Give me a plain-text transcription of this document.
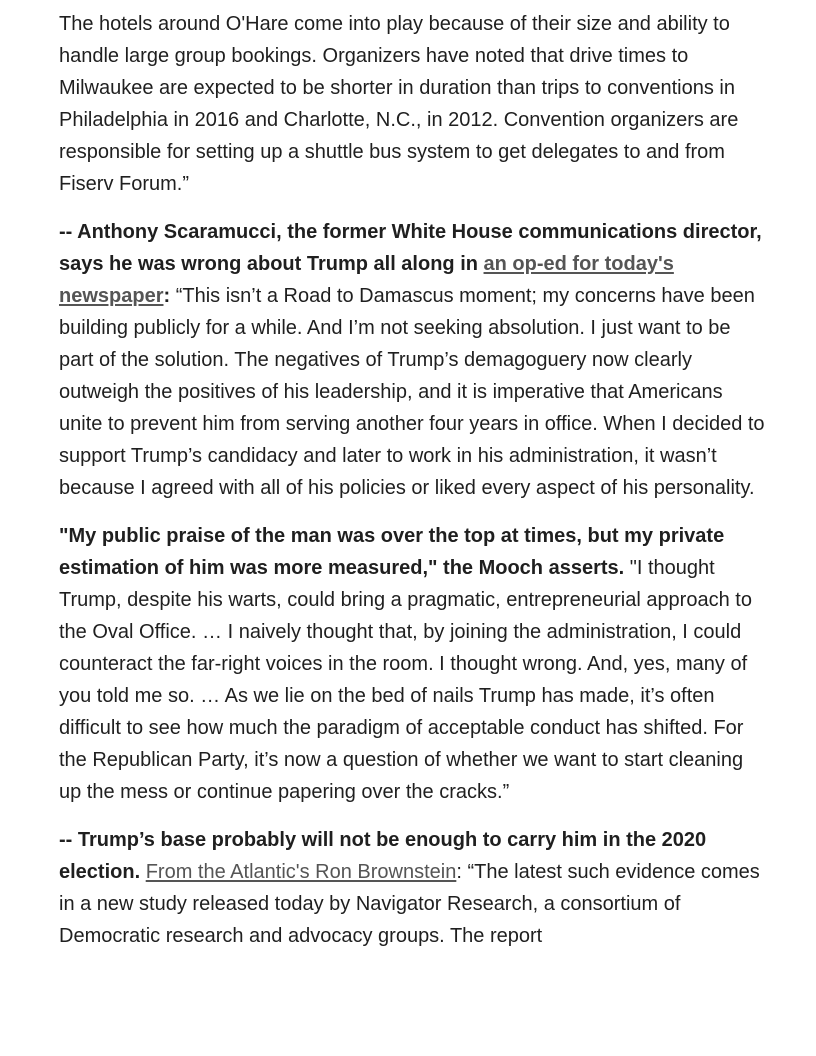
The hotels around O'Hare come into play because of their size and ability to handle large group bookings. Organizers have noted that drive times to Milwaukee are expected to be shorter in duration than trips to conventions in Philadelphia in 2016 and Charlotte, N.C., in 2012. Convention organizers are responsible for setting up a shuttle bus system to get delegates to and from Fiserv Forum.”

-- Anthony Scaramucci, the former White House communications director, says he was wrong about Trump all along in an op-ed for today's newspaper: “This isn’t a Road to Damascus moment; my concerns have been building publicly for a while. And I’m not seeking absolution. I just want to be part of the solution. The negatives of Trump’s demagoguery now clearly outweigh the positives of his leadership, and it is imperative that Americans unite to prevent him from serving another four years in office. When I decided to support Trump’s candidacy and later to work in his administration, it wasn’t because I agreed with all of his policies or liked every aspect of his personality.

"My public praise of the man was over the top at times, but my private estimation of him was more measured," the Mooch asserts. "I thought Trump, despite his warts, could bring a pragmatic, entrepreneurial approach to the Oval Office. … I naively thought that, by joining the administration, I could counteract the far-right voices in the room. I thought wrong. And, yes, many of you told me so. … As we lie on the bed of nails Trump has made, it’s often difficult to see how much the paradigm of acceptable conduct has shifted. For the Republican Party, it’s now a question of whether we want to start cleaning up the mess or continue papering over the cracks.”

-- Trump’s base probably will not be enough to carry him in the 2020 election. From the Atlantic's Ron Brownstein: “The latest such evidence comes in a new study released today by Navigator Research, a consortium of Democratic research and advocacy groups. The report
